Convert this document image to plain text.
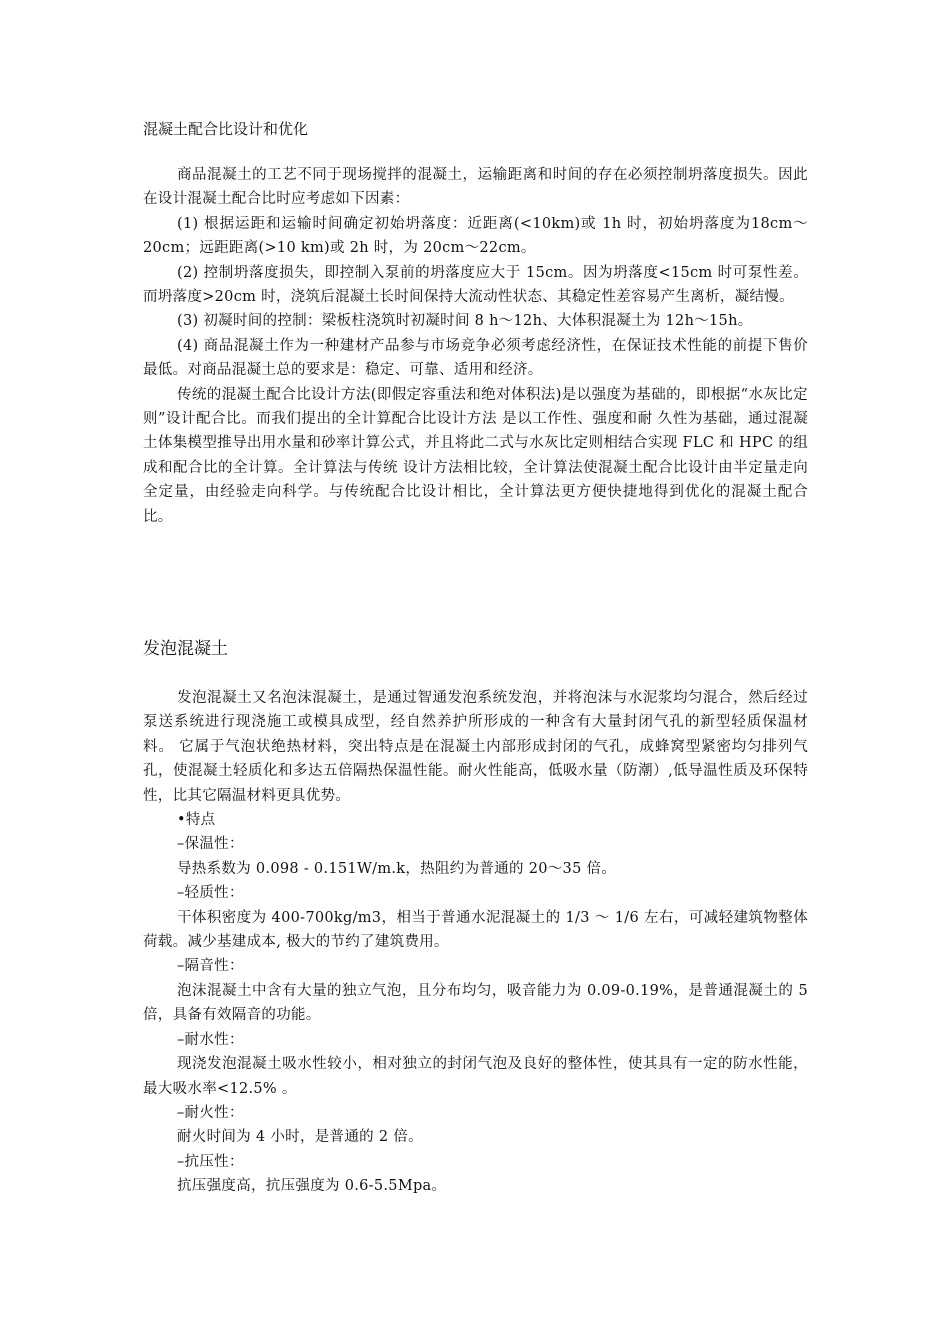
混凝土配合比设计和优化

商品混凝土的工艺不同于现场搅拌的混凝土，运输距离和时间的存在必须控制坍落度损失。因此在设计混凝土配合比时应考虑如下因素：

(1) 根据运距和运输时间确定初始坍落度：近距离(<10km)或 1h 时，初始坍落度为18cm～20cm；远距距离(>10 km)或 2h 时，为 20cm～22cm。

(2) 控制坍落度损失，即控制入泵前的坍落度应大于 15cm。因为坍落度<15cm 时可泵性差。而坍落度>20cm 时，浇筑后混凝土长时间保持大流动性状态、其稳定性差容易产生离析，凝结慢。

(3) 初凝时间的控制：梁板柱浇筑时初凝时间 8 h～12h、大体积混凝土为 12h～15h。

(4) 商品混凝土作为一种建材产品参与市场竞争必须考虑经济性，在保证技术性能的前提下售价最低。对商品混凝土总的要求是：稳定、可靠、适用和经济。

传统的混凝土配合比设计方法(即假定容重法和绝对体积法)是以强度为基础的，即根据“水灰比定则”设计配合比。而我们提出的全计算配合比设计方法 是以工作性、强度和耐 久性为基础，通过混凝土体集模型推导出用水量和砂率计算公式，并且将此二式与水灰比定则相结合实现 FLC 和 HPC 的组成和配合比的全计算。全计算法与传统 设计方法相比较，全计算法使混凝土配合比设计由半定量走向全定量，由经验走向科学。与传统配合比设计相比，全计算法更方便快捷地得到优化的混凝土配合比。

发泡混凝土

发泡混凝土又名泡沫混凝土，是通过智通发泡系统发泡，并将泡沫与水泥浆均匀混合，然后经过泵送系统进行现浇施工或模具成型，经自然养护所形成的一种含有大量封闭气孔的新型轻质保温材料。 它属于气泡状绝热材料，突出特点是在混凝土内部形成封闭的气孔，成蜂窝型紧密均匀排列气孔，使混凝土轻质化和多达五倍隔热保温性能。耐火性能高，低吸水量（防潮）,低导温性质及环保特性，比其它隔温材料更具优势。

•特点

–保温性：

导热系数为 0.098 - 0.151W/m.k，热阻约为普通的 20～35 倍。

–轻质性：

干体积密度为 400-700kg/m3，相当于普通水泥混凝土的 1/3 ～ 1/6 左右，可减轻建筑物整体荷载。减少基建成本, 极大的节约了建筑费用。

–隔音性：

泡沫混凝土中含有大量的独立气泡，且分布均匀，吸音能力为 0.09-0.19%，是普通混凝土的 5 倍，具备有效隔音的功能。

–耐水性：

现浇发泡混凝土吸水性较小，相对独立的封闭气泡及良好的整体性，使其具有一定的防水性能，最大吸水率<12.5% 。

–耐火性：

耐火时间为 4 小时，是普通的 2 倍。

–抗压性：

抗压强度高，抗压强度为 0.6-5.5Mpa。
